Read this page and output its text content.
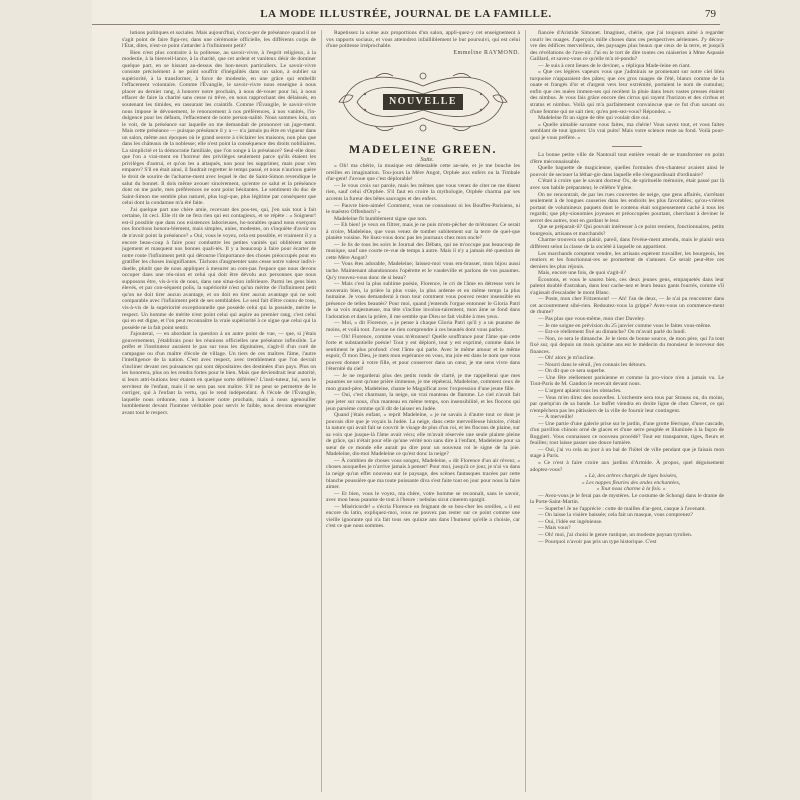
LA MODE ILLUSTRÉE, JOURNAL DE LA FAMILLE.	79

lutions politiques et sociales. Mais aujourd'hui, s'occu-per de préséance quand il ne s'agit point de faire figu-rer, dans une cérémonie officielle, les différents corps de l'État, dites, n'est-ce point s'attarder à l'infiniment petit?

Bien n'est plus contraire à la politesse, au savoir-vivre, à l'esprit religieux, à la modestie, à la bienveil-lance, à la charité, que cet ardent et vaniteux désir de dominer quelque part, en se hissant au-dessus des hon-neurs particuliers. Le savoir-vivre consiste précisément à ne point souffrir d'inégalités dans un salon, à oublier sa supériorité, à la transformer, à force de modestie, en une grâce qui embellit l'effacement volontaire. Comme l'Évangile, le savoir-vivre nous enseigne à nous placer au dernier rang, à honorer notre prochain, à nous dé-vouer pour lui, à nous effacer de faire la charité sans cesse ni trêve, en nous rapprochant des délaissés, en soutenant les timides, en rassurant les craintifs. Comme l'Évangile, le savoir-vivre nous impose le dévouement, le renoncement à nos préférences, à nos vanités, l'in-dulgence pour les défauts, l'effacement de notre person-nalité. Nous sommes loin, on le voit, de la préséance sur laquelle on me demandait de prononcer un juge-ment. Mais cette préséance — puisque préséance il y a — n'a jamais pu être en vigueur dans un salon, même aux époques où le grand seuvre à s'éclairer les maisons, non plus que dans les châteaux de la noblesse; elle n'est point la conséquence des droits nobiliaires. La simplicité et la démocratie familiale, que l'on songe à la préséance? Seul-elle donc que l'on a vrai-ment en l'horreur des privilèges seulement parce qu'ils étaient les privilèges d'autrui, et qu'on les a attaqués, non pour les supprimer, mais pour s'en emparer? S'il en était ainsi, il faudrait regretter le temps passé, et nous n'aurions guère le droit de sourire de l'acharne-ment avec lequel le duc de Saint-Simon revendique le salut du bonnet. Il dois même avouer sincèrement, qu'entre ce salut et la préséance dont on me parle, mes préférences ne sont point hésitantes. Le sentiment du duc de Saint-Simon me semble plus naturel, plus logi-que, plus légitime par conséquent que celui dont la condamne m'a été faite.

J'ai quelque part une chère amie, recevant des pos-tes, qui, j'en sais tout à fait certaine, lit ceci. Elle rit de ne fera rien qui est contagieux, et se répète : « Soigneur! est-il possible que dans nos existences laborieuses, ho-norables quand nous exerçons nos fonctions honora-blement, mais simples, unies, modestes, on s'inquiète d'avoir ou de n'avoir point la préséance? » Oui, vous le voyez, cela est possible, et vraiment il y a encore beau-coup à faire pour combattre les petites vanités qui oblitèrent notre jugement et masquent nos bonnes quali-tés. Il y a beaucoup à faire pour écarter de notre route l'infiniment petit qui détourne l'importance des choses préoccupés pour en gratifier les choses insignifiantes. Tâchons d'augmenter sans cesse notre valeur indivi-duelle, plutôt que de nous appliquer à mesurer au com-pas l'espace que nous devons occuper dans une réu-nion et celui qui doit être dévolu aux personnes que nous supposons être, vis-à-vis de nous, dans une situa-tion inférieure. Parmi les gens bien élevés, et par con-séquent polis, la supériorité n'est qu'un mérite de l'infiniment petit qu'on ne doit tirer aucun avantage, et on doit en tirer aucun avantage qui ne soit comparable avec l'infiniment petit de ses semblables. Le seul fait d'être connu de tous, vis-à-vis de la supériorité exceptionnelle que possède celui qui la possède, mérite le respect. Un homme de mérite n'est point celui qui aspire au premier rang, c'est celui qui en est digne, et l'on peut reconnaître la vraie supériorité à ce signe que celui qui la possède ne la fait point sentir.

J'ajouterai, — en abordant la question à un autre point de vue, — que, si j'étais gouvernement, j'établirais pour les réunions officielles une préséance inflexible. Le préfet et l'instituteur auraient le pas sur tous les dignitaires, s'agit-il d'un curé de campagne ou d'un maître d'école de village. Un tiers de ces maîtres l'âme, l'autre l'intelligence de la nation. C'est avec respect, avec tremblement que l'on devrait s'incliner devant ces puissances qui sont dépositaires des destinées d'un pays. Plus on les honorera, plus on les rendra fortes pour le bien. Mais que deviendrait leur autorité, si leurs attri-butions leur étaient en quelque sorte déférées? L'insti-tuteur, lui, sera le serviteur de l'enfant, mais il ne sera pas son maître. S'il ne peut se permettre de le corriger, qui à l'enfant la vertu, qui le rend indépendant. À l'école de l'Évangile, laquelle nous ordonne, non à honorer notre prochain, mais à nous agenouiller humblement devant l'homme véritable pour servir le faible, nous devons enseigner avant tout le respect.

Rapetissez la scène aux proportions d'un salon, appli-quez-y cet enseignement à vos rapports sociaux, et vous atteindrez infailliblement le but poursuivi, qui est celui d'une politesse irréprochable.

Emmeline RAYMOND.

NOUVELLE
MADELEINE GREEN.

Suite.

« Oh! ma chérie, la musique est détestable cette an-née, et je me bouche les oreilles en imagination. Tou-jours la Mère Angot, Orphée aux enfers ou la Timbale d'ar-gent! J'avoue que c'est déplorable!

— Je vous crois sur parole, mais les mêmes que vous venez de citer ne me disent rien, sauf celui d'Orphée. S'il faut en croire la mythologie, Orphée charma par ses accents la fureur des bêtes sauvages et des enfers.

— Pauvre bien-aimée! Comment, vous ne connaissez ni les Bouffes-Parisiens, ni le maëstro Offenbach? »

Madeleine fit humblement signe que non.

— Eh bien! je veux en filtrer, mais je ne puis m'em-pêcher de m'étonner. Ce serait à croire, Madeleine, que vous venez de tomber subitement sur la terre de quel-que planète voisine. Ne lisez-vous donc pas les journaux chez mon oncle?

— Je lis de tous les soirs le Journal des Débats, qui ne m'occupe pas beaucoup de musique, sauf une courte re-vue de temps à autre. Mais il n'y a jamais été question de cette Mère Angot?

— Vous êtes adorable, Madeleine; laissez-moi vous em-brasser, mon bijou aussi tache. Maintenant abandonnons l'opérette et le vaudeville et parlons de vos psaumes. Qu'y trouvez-vous donc de si beau?

— Mais c'est la plus sublime poésie, Florence, le cri de l'âme en détresse vers le souverain bien, la prière la plus vraie, la plus ardente et en même temps la plus humaine. Je vous demanderai à mon tour comment vous pouvez rester insensible en présence de telles beautés? Pour moi, quand j'entends l'orgue entonner le Gloria Patri de sa voix majestueuse, ma tête s'incline involon-tairement, mon âme se fond dans l'adoration et dans la prière, il me semble que Dieu se fait visible à mes yeux.

— Moi, » dit Florence, « je pense à chaque Gloria Patri qu'il y a un psaume de moins, et voilà tout. J'avoue ne rien comprendre à ces beautés dont vous parlez.

— Oh! Florence, comme vous m'étonnez! Quelle souffrance pour l'âme que cette forte et substantielle poésie! Tout y est déploré, tout y est exprimé, comme dans le sentiment le plus profond: c'est l'âme qui parle. Avec le même amour et le même espoir, Ô mon Dieu, je mets mon espérance en vous, ma joie est dans le nom que vous pouvez donner à votre fille, et pour conserver dans un cœur, je me sens vivre dans l'éternité du ciel!

— Je ne regarderai plus des petits ronds de clarté, je me rappellerai que mes psaumes ne sont qu'une prière immense, je me répéterai, Madeleine, comment ceux de mon grand-père, Madeleine, chante le Magnificat avec l'expression d'une jeune fille.

— Oui, c'est charmant, la neige, un vrai manteau de flamme. Le ciel n'avait fait que jeter sur nous, d'un manteau en même temps, son insensibilité, et les flocons qui jeun parsème comme qu'il dit de laisser en Judée.

Quand j'étais enfant, » reprit Madeleine, « je ne savais à d'autre tout ce dont je pouvais dire que je voyais la Judée. La neige, dans cette merveilleuse histoire, c'était la nature qui avait fait se couvrir le visage de plus d'un roi, et les flocons de plaine, sur sa voix que jusque-là l'âme avait vécu; elle m'avait réservée une seule plainte pleine de grâce, qui n'était pour elle qu'une vérité non sans dire à l'enfant, Madeleine pour sa sœur de ce monde elle aurait pu dire pour un nouveau roi le signe de la joie. Madeleine, dis-moi Madeleine ce qu'est donc la neige?

— À combien de choses vous songez, Madeleine, » dit Florence d'un air rêveur, « choses auxquelles je n'arrive jamais à penser! Pour moi, jusqu'à ce jour, je n'ai vu dans la neige qu'un effet nouveau sur le paysage, des scènes fantasques tracées par cette blanche poussière que ma toute puissante diva s'est faite tout en jour pour nous la faire aimer.

— Et bien, vous le voyez, ma chère, votre homme se reconnaît, sans le savoir, avec mon beau psaume de tout à l'heure : nebulas sicut cinerem spargit.

— Miséricorde! » s'écria Florence en feignant de se bou-cher les oreilles, « il est encore du latin, expliquez-moi, vous ne pouvez pas rester sur ce point comme une vieille ignorante qui n'a fait tous ses quinze ans dans l'humeur qu'elle a choisie, car c'est ce que nous sommes.

fiancée d'Aristide Simonet. Imaginez, chérie, que j'ai toujours aimé à regarder courir les nuages. J'aperçois mille choses dans ces perspectives aériennes. J'y décou-vre des édifices merveilleux, des paysages plus beaux que ceux de la terre, et jusqu'à des révélations de l'ave-nir. J'ai eu le tort de dire toutes ces niaiseries à Mme Aspasie Gaillard, et savez-vous ce qu'elle m'a ré-pondu?

— Je suis à cent lieues de le deviner, » répliqua Made-leine en riant.

« Que ces légères vapeurs vous que j'admirais se promenant sur notre ciel bleu turquoise n'apparaient des pâtes; que ces gros nuages de l'été, blancs comme de la ouate et frangés d'or et d'argent vers leur extrémité, portaient le nom de cumulus; enfin que ces nuées immen-ses qui recèlent la pluie dans leurs vastes presses étaient des nimbus. Je vous fais grâce encore des cirrus qui rayent l'horizon et des cirrhus et stratus et nimbus. Voilà qui m'a parfaitement convaincue que ce fut d'un savant ou d'une femme qui ne sait rien; qu'en pen-sez-vous? Répondez. »

Madeleine fit un signe de tête qui voulait dire oui.

« Quelle aimable savante vous faites, ma chérie! Vous savez tout, et vous faites semblant de tout ignorer. Un vrai puits! Mais votre science reste au fond. Voilà pour-quoi je vous préfère. »

La bonne petite ville de Nantouil tout entière venait de se transformer en point d'être méconnaissable.

Quelle baguette de magicienne, quelles formules d'en-chanteur avaient ainsi le pouvoir de secouer la léthar-gie dans laquelle elle s'engourdissait d'ordinaire?

C'était à croire que le savant docteur Ox, de spirituelle mémoire, était passé par là avec son habile préparateur, le célèbre Ygène.

On ne rencontrait, de par les rues couvertes de neige, que gens affairés, s'arrêtant seulement à de longues causeries dans les endroits les plus favorables; qu'ou-vrières portant de volumineux paquets dont le contenu était soigneusement caché à tous les regards; que phy-sionomies joyeuses et préoccupées pourtant, cherchant à deviner le secret des autres, tout en gardant le leur.

Que se préparait-il? Qui pouvait intéresser à ce point rentiers, fonctionnaires, petits bourgeois, artisans et marchands?

Charme trouvera son plaisir, pareil, dans l'événe-ment attendu, mais le plaisir sera différent selon la classe de la société à laquelle on appartient.

Les marchands comptent vendre, les artisans espèrent travailler, les bourgeois, les rentiers et les fonctionnai-res se promettent de s'amuser. Ce serait peut-être ces derniers les plus réjouis.

Mais, encore une fois, de quoi s'agit-il?

Écoutons, et vous le saurez bien, ces deux jeunes gens, empaquetés dans leur paletot doublé d'astrakan, dans leur cache-nez et leurs beaux gants fourrés, comme s'il s'agissait d'escalader le mont Blanc.

— Poste, mon cher Fritzemont! — Ah! l'an de deux, — Je n'ai pu rencontrer dans cet accoutrement sibé-rien. Redoutez-vous la grippe? Avez-vous un commence-ment de rhume?

— Pas plus que vous-même, mon cher Daveley.

— Je me soigne en prévision du 25 janvier comme vous le faites vous-même.

— Est-ce réellement fixé au dimanche? On m'avait parlé du lundi.

— Non, ce sera le dimanche. Je le tiens de bonne source, de mon père, qui l'a tout fixé sur, qui depuis un mois qu'aime ans est le médecin du monsieur le receveur des finances.

— Oh! alors je m'incline.

— Nourri dans le sérail, j'en connais les détours.

— On dit que ce sera superbe.

— Une fête réellement parisienne et comme la pro-vince n'en a jamais vu. Le Tout-Paris de M. Gandon le recevait devant nous.

— L'argent aplanit tous les obstacles.

— Vous m'en direz des nouvelles. L'orchestre sera tous par Strauss ou, du moins, par quelqu'un de sa bande. Le buffet viendra en droite ligne de chez Chevet, ce qui n'empêchera pas les pâtissiers de la ville de fournir leur contingent.

— À merveille!

— Une partie d'une galerie prise sur le jardin, d'une grotte féerique, d'une cascade, d'un pavillon chinois orné de glaces et d'une serre peuplée et illuminée à la façon de Ruggieri. Vous connaissez ce nouveau procédé? Tout est transparent, tiges, fleurs et feuilles; tout laisse passer une douce lumière.

— Oui, j'ai vu cela au jour à un bal de l'hôtel de ville pendant que je faisais mon stage à Paris.

« Ce n'est à faire croire aux jardins d'Armide. À propos, quel déguisement adoptez-vous?

« Là, des arbres chargés de tiges boisées,

« Les nappes fleuries des ondes enchantées,

« Tout nous charme à la fois. »

— Avez-vous je le ferai pas de mystères. Le costume de Schongi dans le drame de la Porte-Saint-Martin.

— Superbe! Je ne l'apprécie : cotte de mailles d'ar-gent, casque à l'avenant.

— On laisse la visière baissée; cela fait un masque, vous comprenez?

— Oui, l'idée est ingénieuse.

— Mais vous?

— Oh! moi, j'ai choisi le genre rustique, un modeste paysan tyrolien.

— Pourquoi n'avoir pas pris un type historique. C'est
